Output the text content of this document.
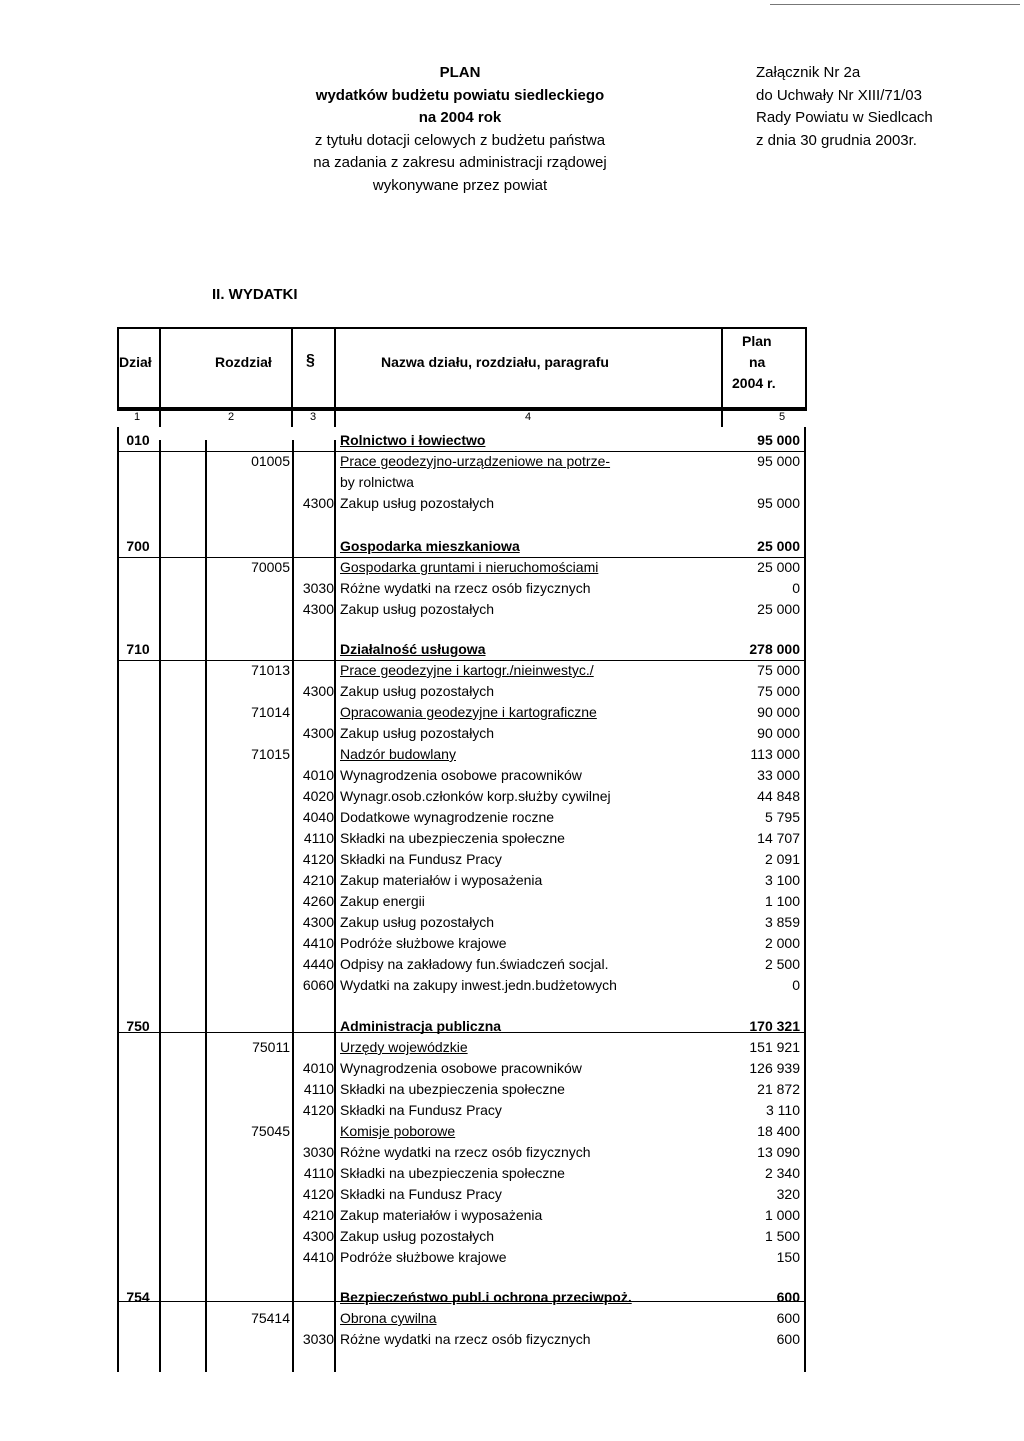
PLAN
wydatków budżetu powiatu siedleckiego
na 2004 rok
z tytułu dotacji celowych z budżetu państwa
na zadania z zakresu administracji rządowej
wykonywane przez powiat
Załącznik Nr 2a
do Uchwały Nr XIII/71/03
Rady Powiatu w Siedlcach
z dnia 30 grudnia 2003r.
II. WYDATKI
Dział	Rozdział §	Nazwa działu, rozdziału, paragrafu
Plan
na
2004 r.
1	2	3	4	5
010	Rolnictwo i łowiectwo	95 000
01005	Prace geodezyjno-urządzeniowe na potrze-	95 000
by rolnictwa
4300 Zakup usług pozostałych	95 000
700	Gospodarka mieszkaniowa	25 000
70005	Gospodarka gruntami i nieruchomościami	25 000
3030 Różne wydatki na rzecz osób fizycznych	0
4300 Zakup usług pozostałych	25 000
710	Działalność usługowa	278 000
71013	Prace geodezyjne i kartogr./nieinwestyc./	75 000
4300 Zakup usług pozostałych	75 000
71014	Opracowania geodezyjne i kartograficzne	90 000
4300 Zakup usług pozostałych	90 000
71015	Nadzór budowlany	113 000
4010 Wynagrodzenia osobowe pracowników	33 000
4020 Wynagr.osob.członków korp.służby cywilnej	44 848
4040 Dodatkowe wynagrodzenie roczne	5 795
4110 Składki na ubezpieczenia społeczne	14 707
4120 Składki na Fundusz Pracy	2 091
4210 Zakup materiałów i wyposażenia	3 100
4260 Zakup energii	1 100
4300 Zakup usług pozostałych	3 859
4410 Podróże służbowe krajowe	2 000
4440 Odpisy na zakładowy fun.świadczeń socjal.	2 500
6060 Wydatki na zakupy inwest.jedn.budżetowych	0
750	Administracja publiczna	170 321
75011	Urzędy wojewódzkie	151 921
4010 Wynagrodzenia osobowe pracowników	126 939
4110 Składki na ubezpieczenia społeczne	21 872
4120 Składki na Fundusz Pracy	3 110
75045	Komisje poborowe	18 400
3030 Różne wydatki na rzecz osób fizycznych	13 090
4110 Składki na ubezpieczenia społeczne	2 340
4120 Składki na Fundusz Pracy	320
4210 Zakup materiałów i wyposażenia	1 000
4300 Zakup usług pozostałych	1 500
4410 Podróże służbowe krajowe	150
754	Bezpieczeństwo publ.i ochrona przeciwpoż.	600
75414	Obrona cywilna	600
3030 Różne wydatki na rzecz osób fizycznych	600
